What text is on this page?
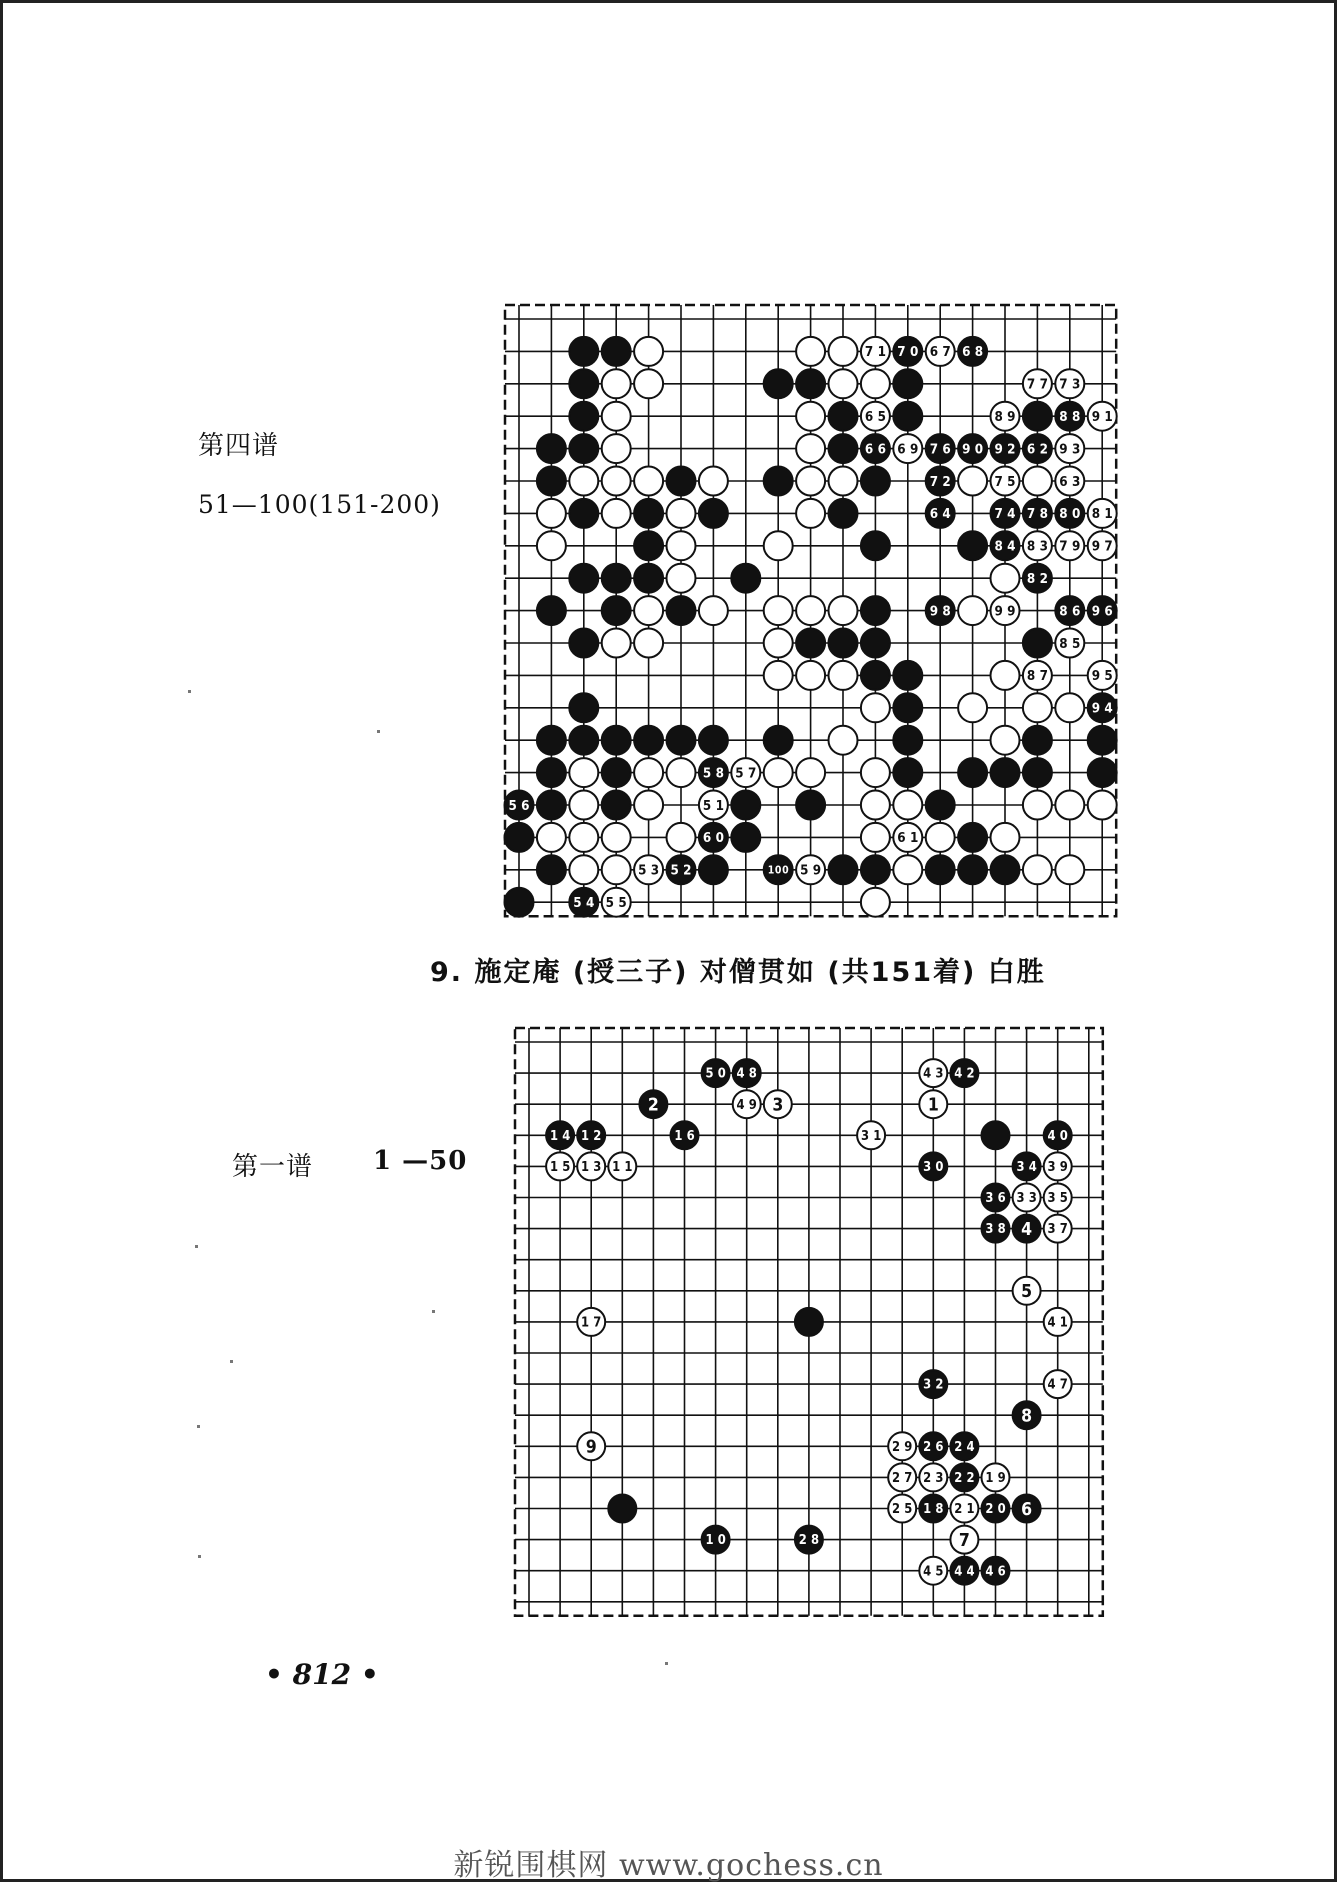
第四谱
51—100(151-200)
71 70 67 68
77 73
65	89	88 91
66 69 76 90 92 62 93
72	75	63
64	74 78 80 81
84 83 79 97
82
98	99	86 96
85
87	95
94
58 57
56	51
60	61
53 52	100 59
54 55
9. 施定庵 (授三子) 对僧贯如 (共151着) 白胜
第一谱 1 —50
50 48	43 42
2	49 3	1
14 12	16	31	40
15 13 11	30	34 39
36 33 35
38 4 37
5
17	41
32	47
8
9	29 26 24
27 23 22 19
25 18 21 20 6
10	28	7
45 44 46
• 812 •
新锐围棋网 www.gochess.cn
